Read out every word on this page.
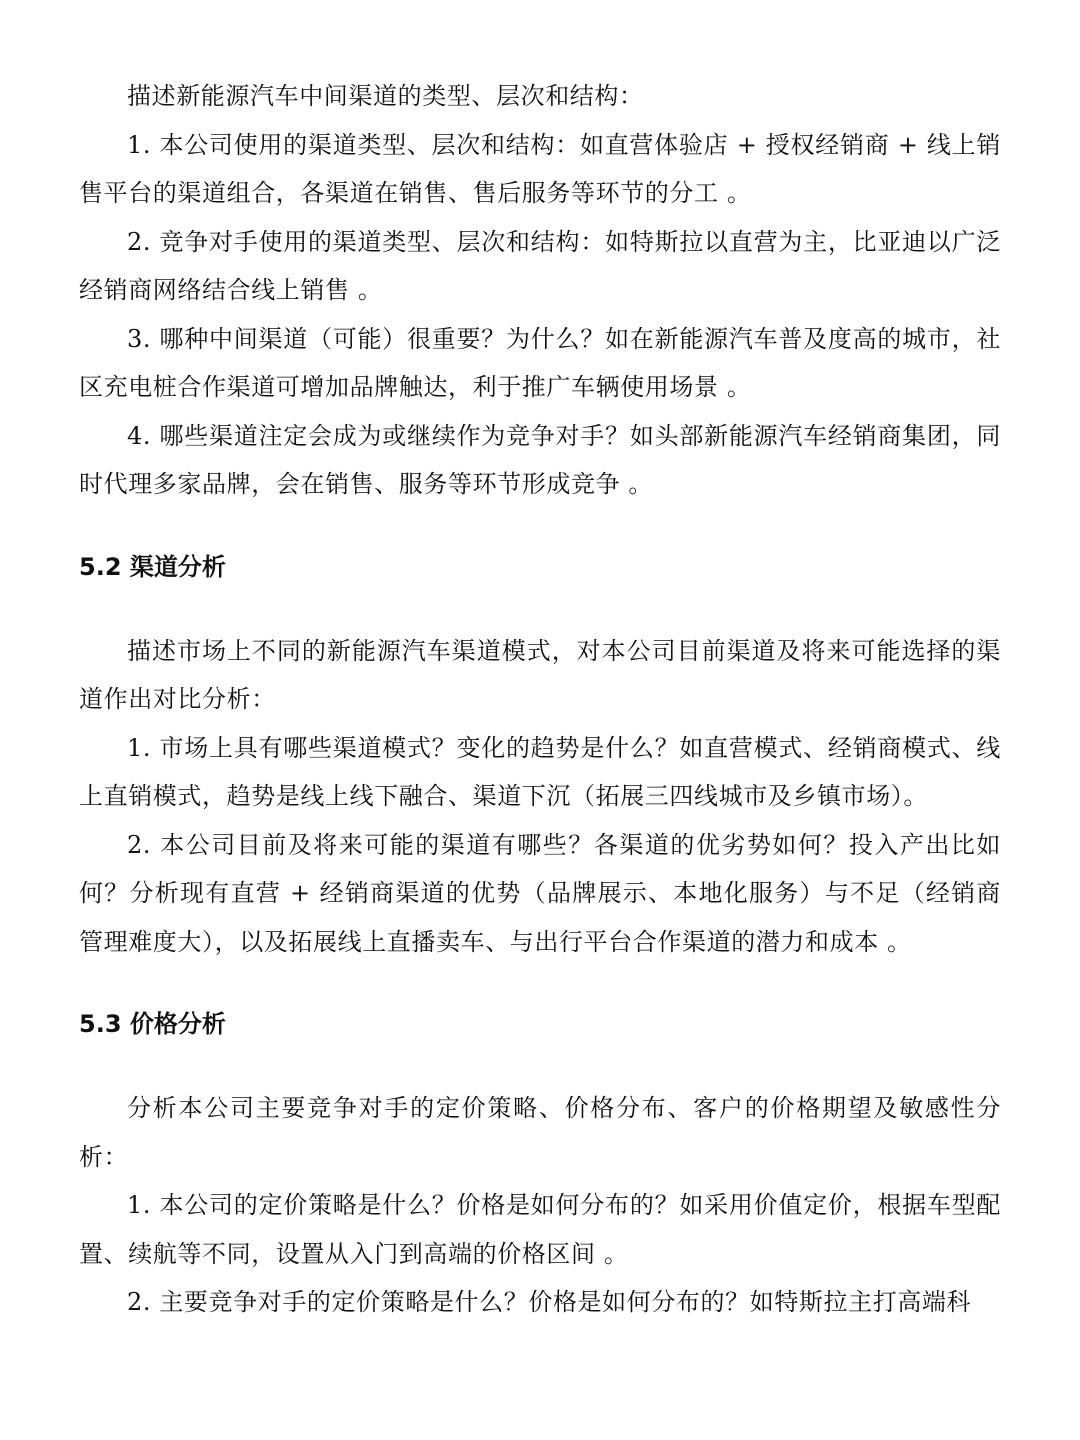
描述新能源汽车中间渠道的类型、层次和结构：

1. 本公司使用的渠道类型、层次和结构：如直营体验店 + 授权经销商 + 线上销售平台的渠道组合，各渠道在销售、售后服务等环节的分工 。

2. 竞争对手使用的渠道类型、层次和结构：如特斯拉以直营为主，比亚迪以广泛经销商网络结合线上销售 。

3. 哪种中间渠道（可能）很重要？为什么？如在新能源汽车普及度高的城市，社区充电桩合作渠道可增加品牌触达，利于推广车辆使用场景 。

4. 哪些渠道注定会成为或继续作为竞争对手？如头部新能源汽车经销商集团，同时代理多家品牌，会在销售、服务等环节形成竞争 。

5.2 渠道分析

描述市场上不同的新能源汽车渠道模式，对本公司目前渠道及将来可能选择的渠道作出对比分析：

1. 市场上具有哪些渠道模式？变化的趋势是什么？如直营模式、经销商模式、线上直销模式，趋势是线上线下融合、渠道下沉（拓展三四线城市及乡镇市场）。

2. 本公司目前及将来可能的渠道有哪些？各渠道的优劣势如何？投入产出比如何？分析现有直营 + 经销商渠道的优势（品牌展示、本地化服务）与不足（经销商管理难度大），以及拓展线上直播卖车、与出行平台合作渠道的潜力和成本 。

5.3 价格分析

分析本公司主要竞争对手的定价策略、价格分布、客户的价格期望及敏感性分析：

1. 本公司的定价策略是什么？价格是如何分布的？如采用价值定价，根据车型配置、续航等不同，设置从入门到高端的价格区间 。

2. 主要竞争对手的定价策略是什么？价格是如何分布的？如特斯拉主打高端科
